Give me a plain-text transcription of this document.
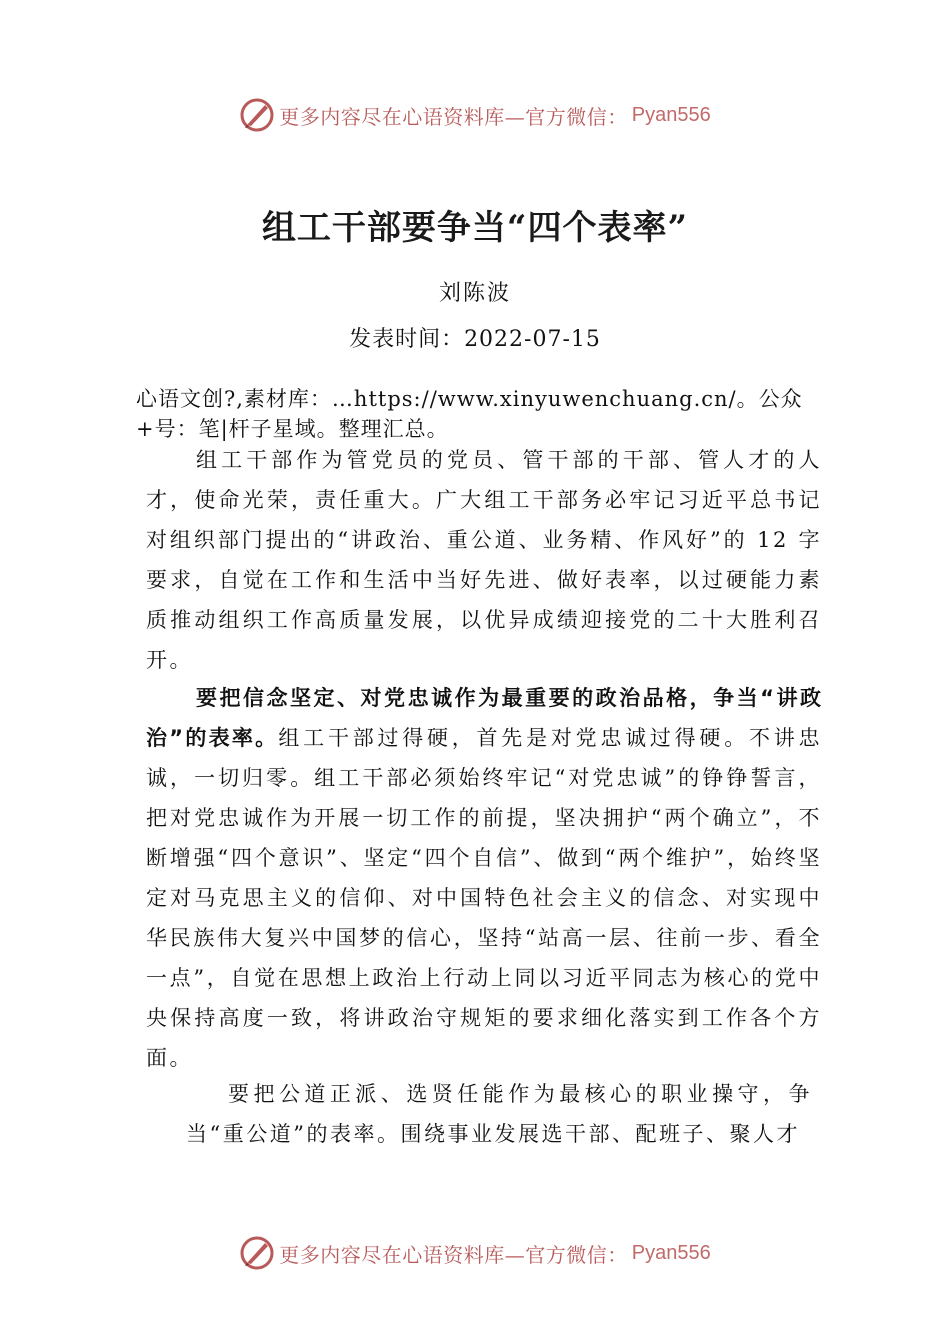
更多内容尽在心语资料库—官方微信： Pyan556
组工干部要争当“四个表率”
刘陈波
发表时间：2022-07-15
心语文创?,素材库：…https://www.xinyuwenchuang.cn/。公众+号：笔|杆子星域。整理汇总。
组工干部作为管党员的党员、管干部的干部、管人才的人才，使命光荣，责任重大。广大组工干部务必牢记习近平总书记对组织部门提出的“讲政治、重公道、业务精、作风好”的 12 字要求，自觉在工作和生活中当好先进、做好表率，以过硬能力素质推动组织工作高质量发展，以优异成绩迎接党的二十大胜利召开。
要把信念坚定、对党忠诚作为最重要的政治品格，争当“讲政治”的表率。组工干部过得硬，首先是对党忠诚过得硬。不讲忠诚，一切归零。组工干部必须始终牢记“对党忠诚”的铮铮誓言，把对党忠诚作为开展一切工作的前提，坚决拥护“两个确立”，不断增强“四个意识”、坚定“四个自信”、做到“两个维护”，始终坚定对马克思主义的信仰、对中国特色社会主义的信念、对实现中华民族伟大复兴中国梦的信心，坚持“站高一层、往前一步、看全一点”，自觉在思想上政治上行动上同以习近平同志为核心的党中央保持高度一致，将讲政治守规矩的要求细化落实到工作各个方面。
要把公道正派、选贤任能作为最核心的职业操守，争当“重公道”的表率。围绕事业发展选干部、配班子、聚人才
更多内容尽在心语资料库—官方微信： Pyan556
